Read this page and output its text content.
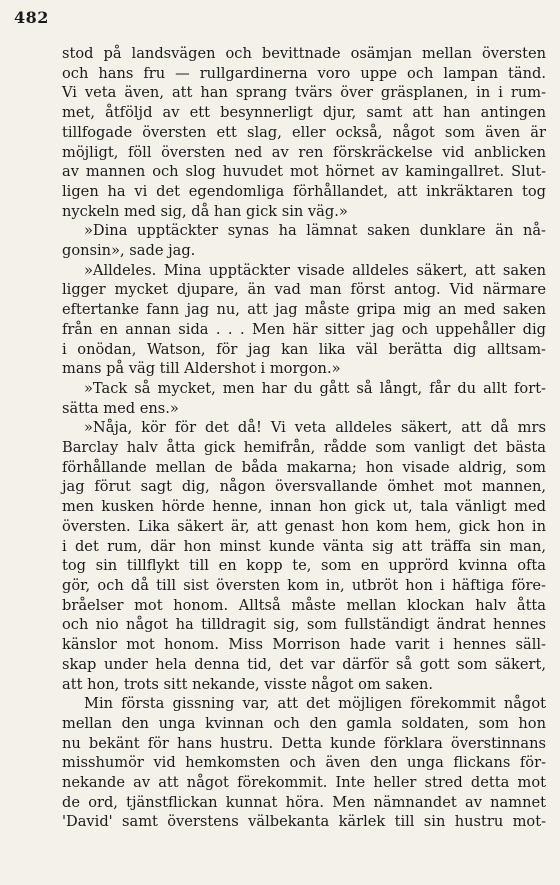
482

stod på landsvägen och bevittnade osämjan mellan översten
och hans fru — rullgardinerna voro uppe och lampan tänd.
Vi veta även, att han sprang tvärs över gräsplanen, in i rum-
met, åtföljd av ett besynnerligt djur, samt att han antingen
tillfogade översten ett slag, eller också, något som även är
möjligt, föll översten ned av ren förskräckelse vid anblicken
av mannen och slog huvudet mot hörnet av kamingallret. Slut-
ligen ha vi det egendomliga förhållandet, att inkräktaren tog
nyckeln med sig, då han gick sin väg.»

»Dina upptäckter synas ha lämnat saken dunklare än nå-
gonsin», sade jag.

»Alldeles. Mina upptäckter visade alldeles säkert, att saken
ligger mycket djupare, än vad man först antog. Vid närmare
eftertanke fann jag nu, att jag måste gripa mig an med saken
från en annan sida . . . Men här sitter jag och uppehåller dig
i onödan, Watson, för jag kan lika väl berätta dig alltsam-
mans på väg till Aldershot i morgon.»

»Tack så mycket, men har du gått så långt, får du allt fort-
sätta med ens.»

»Nåja, kör för det då! Vi veta alldeles säkert, att då mrs
Barclay halv åtta gick hemifrån, rådde som vanligt det bästa
förhållande mellan de båda makarna; hon visade aldrig, som
jag förut sagt dig, någon översvallande ömhet mot mannen,
men kusken hörde henne, innan hon gick ut, tala vänligt med
översten. Lika säkert är, att genast hon kom hem, gick hon in
i det rum, där hon minst kunde vänta sig att träffa sin man,
tog sin tillflykt till en kopp te, som en upprörd kvinna ofta
gör, och då till sist översten kom in, utbröt hon i häftiga före-
bråelser mot honom. Alltså måste mellan klockan halv åtta
och nio något ha tilldragit sig, som fullständigt ändrat hennes
känslor mot honom. Miss Morrison hade varit i hennes säll-
skap under hela denna tid, det var därför så gott som säkert,
att hon, trots sitt nekande, visste något om saken.

Min första gissning var, att det möjligen förekommit något
mellan den unga kvinnan och den gamla soldaten, som hon
nu bekänt för hans hustru. Detta kunde förklara överstinnans
misshumör vid hemkomsten och även den unga flickans för-
nekande av att något förekommit. Inte heller stred detta mot
de ord, tjänstflickan kunnat höra. Men nämnandet av namnet
'David' samt överstens välbekanta kärlek till sin hustru mot-
